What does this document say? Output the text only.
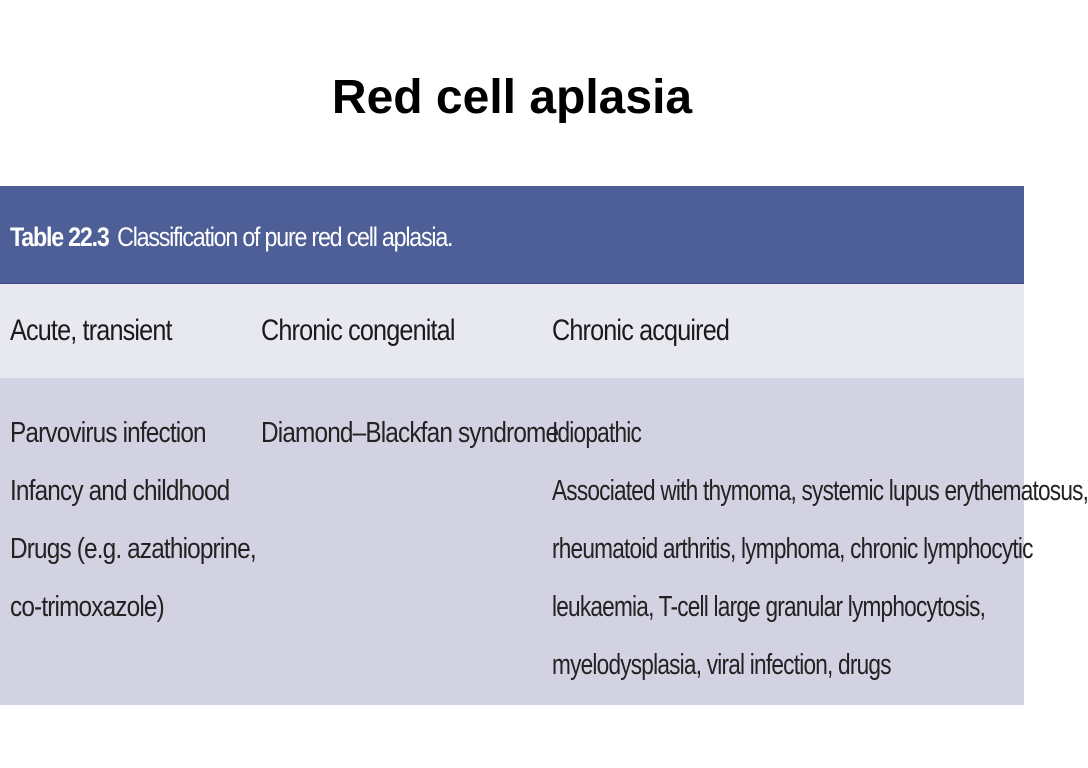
Red cell aplasia
Table 22.3 Classification of pure red cell aplasia.
Acute, transient	Chronic congenital	Chronic acquired
Parvovirus infection
Infancy and childhood
Drugs (e.g. azathioprine,
co-trimoxazole)
Diamond–Blackfan syndrome
Idiopathic
Associated with thymoma, systemic lupus erythematosus,
rheumatoid arthritis, lymphoma, chronic lymphocytic
leukaemia, T-cell large granular lymphocytosis,
myelodysplasia, viral infection, drugs
